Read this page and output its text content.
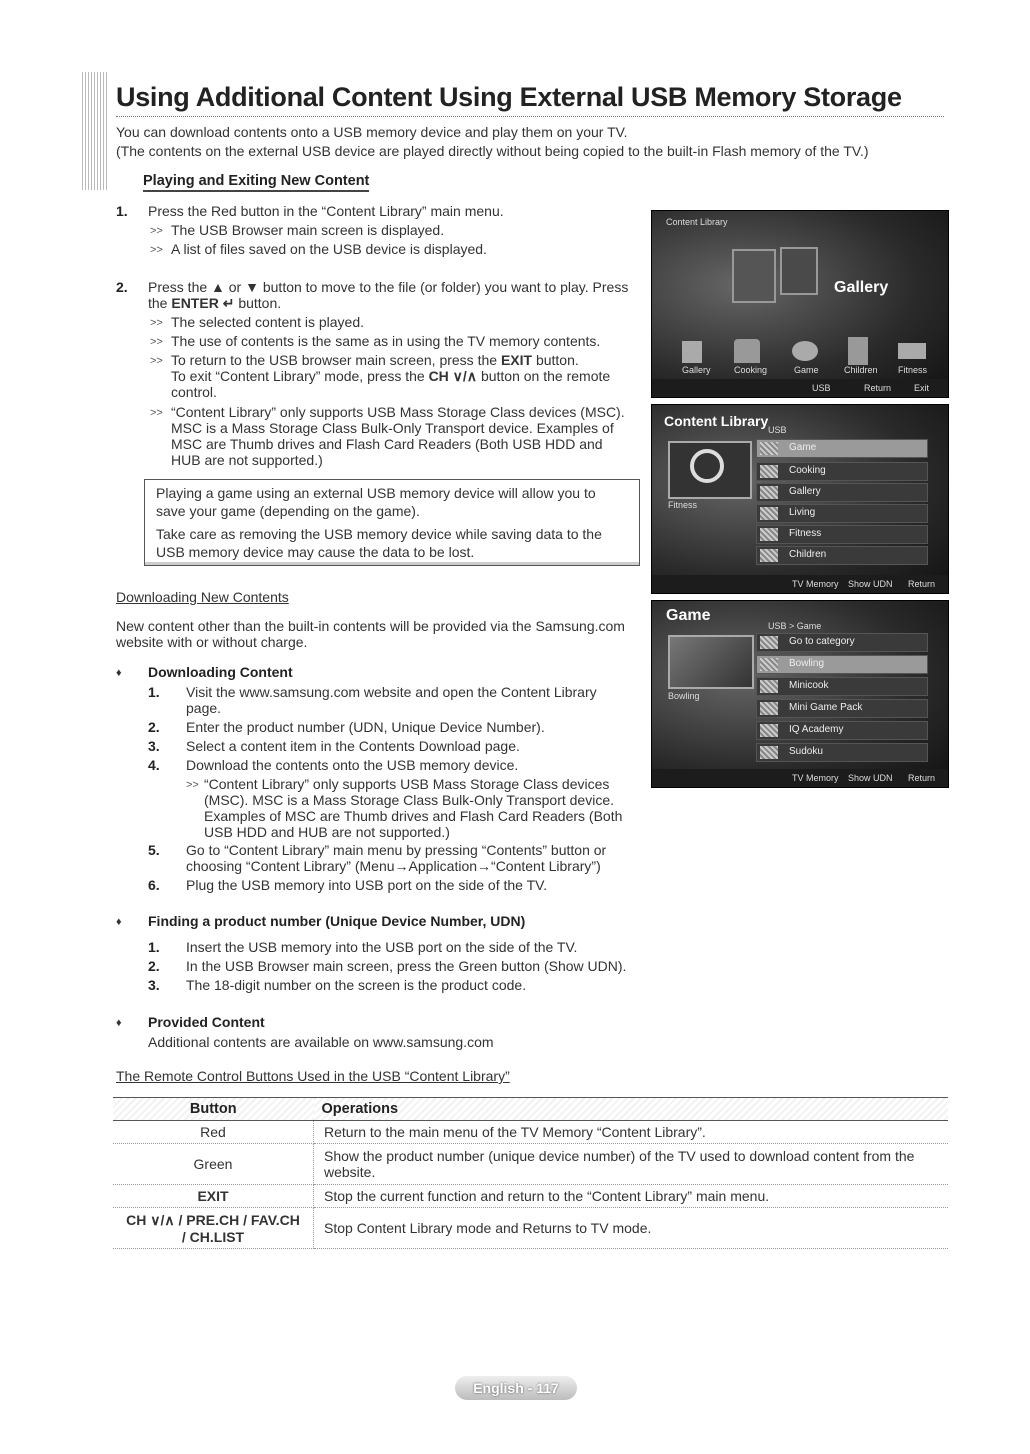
Using Additional Content Using External USB Memory Storage
You can download contents onto a USB memory device and play them on your TV.
(The contents on the external USB device are played directly without being copied to the built-in Flash memory of the TV.)
Playing and Exiting New Content
1. Press the Red button in the “Content Library” main menu.
>> The USB Browser main screen is displayed.
>> A list of files saved on the USB device is displayed.
2. Press the ▲ or ▼ button to move to the file (or folder) you want to play. Press
the ENTER ↵ button.
>> The selected content is played.
>> The use of contents is the same as in using the TV memory contents.
>> To return to the USB browser main screen, press the EXIT button.
To exit “Content Library” mode, press the CH ∨/∧ button on the remote
control.
>> “Content Library” only supports USB Mass Storage Class devices (MSC).
MSC is a Mass Storage Class Bulk-Only Transport device. Examples of
MSC are Thumb drives and Flash Card Readers (Both USB HDD and
HUB are not supported.)
Playing a game using an external USB memory device will allow you to
save your game (depending on the game).
Take care as removing the USB memory device while saving data to the
USB memory device may cause the data to be lost.
Downloading New Contents
New content other than the built-in contents will be provided via the Samsung.com
website with or without charge.
♦ Downloading Content
1. Visit the www.samsung.com website and open the Content Library
page.
2. Enter the product number (UDN, Unique Device Number).
3. Select a content item in the Contents Download page.
4. Download the contents onto the USB memory device.
>> “Content Library” only supports USB Mass Storage Class devices
(MSC). MSC is a Mass Storage Class Bulk-Only Transport device.
Examples of MSC are Thumb drives and Flash Card Readers (Both
USB HDD and HUB are not supported.)
5. Go to “Content Library” main menu by pressing “Contents” button or
choosing “Content Library” (Menu→Application→“Content Library”)
6. Plug the USB memory into USB port on the side of the TV.
♦ Finding a product number (Unique Device Number, UDN)
1. Insert the USB memory into the USB port on the side of the TV.
2. In the USB Browser main screen, press the Green button (Show UDN).
3. The 18-digit number on the screen is the product code.
♦ Provided Content
Additional contents are available on www.samsung.com
The Remote Control Buttons Used in the USB “Content Library”
Button	Operations
Red	Return to the main menu of the TV Memory “Content Library”.
Green	Show the product number (unique device number) of the TV used to download content from the website.
EXIT	Stop the current function and return to the “Content Library” main menu.
CH ∨/∧ / PRE.CH / FAV.CH / CH.LIST	Stop Content Library mode and Returns to TV mode.
Content Library
Gallery
Gallery	Cooking	Game	Children Fitness
USB	Return	Exit
Content Library
USB
Fitness
Game
Cooking
Gallery
Living
Fitness
Children
TV Memory Show UDN Return
Game
USB > Game
Bowling
Go to category
Bowling
Minicook
Mini Game Pack
IQ Academy
Sudoku
TV Memory Show UDN Return
English - 117
